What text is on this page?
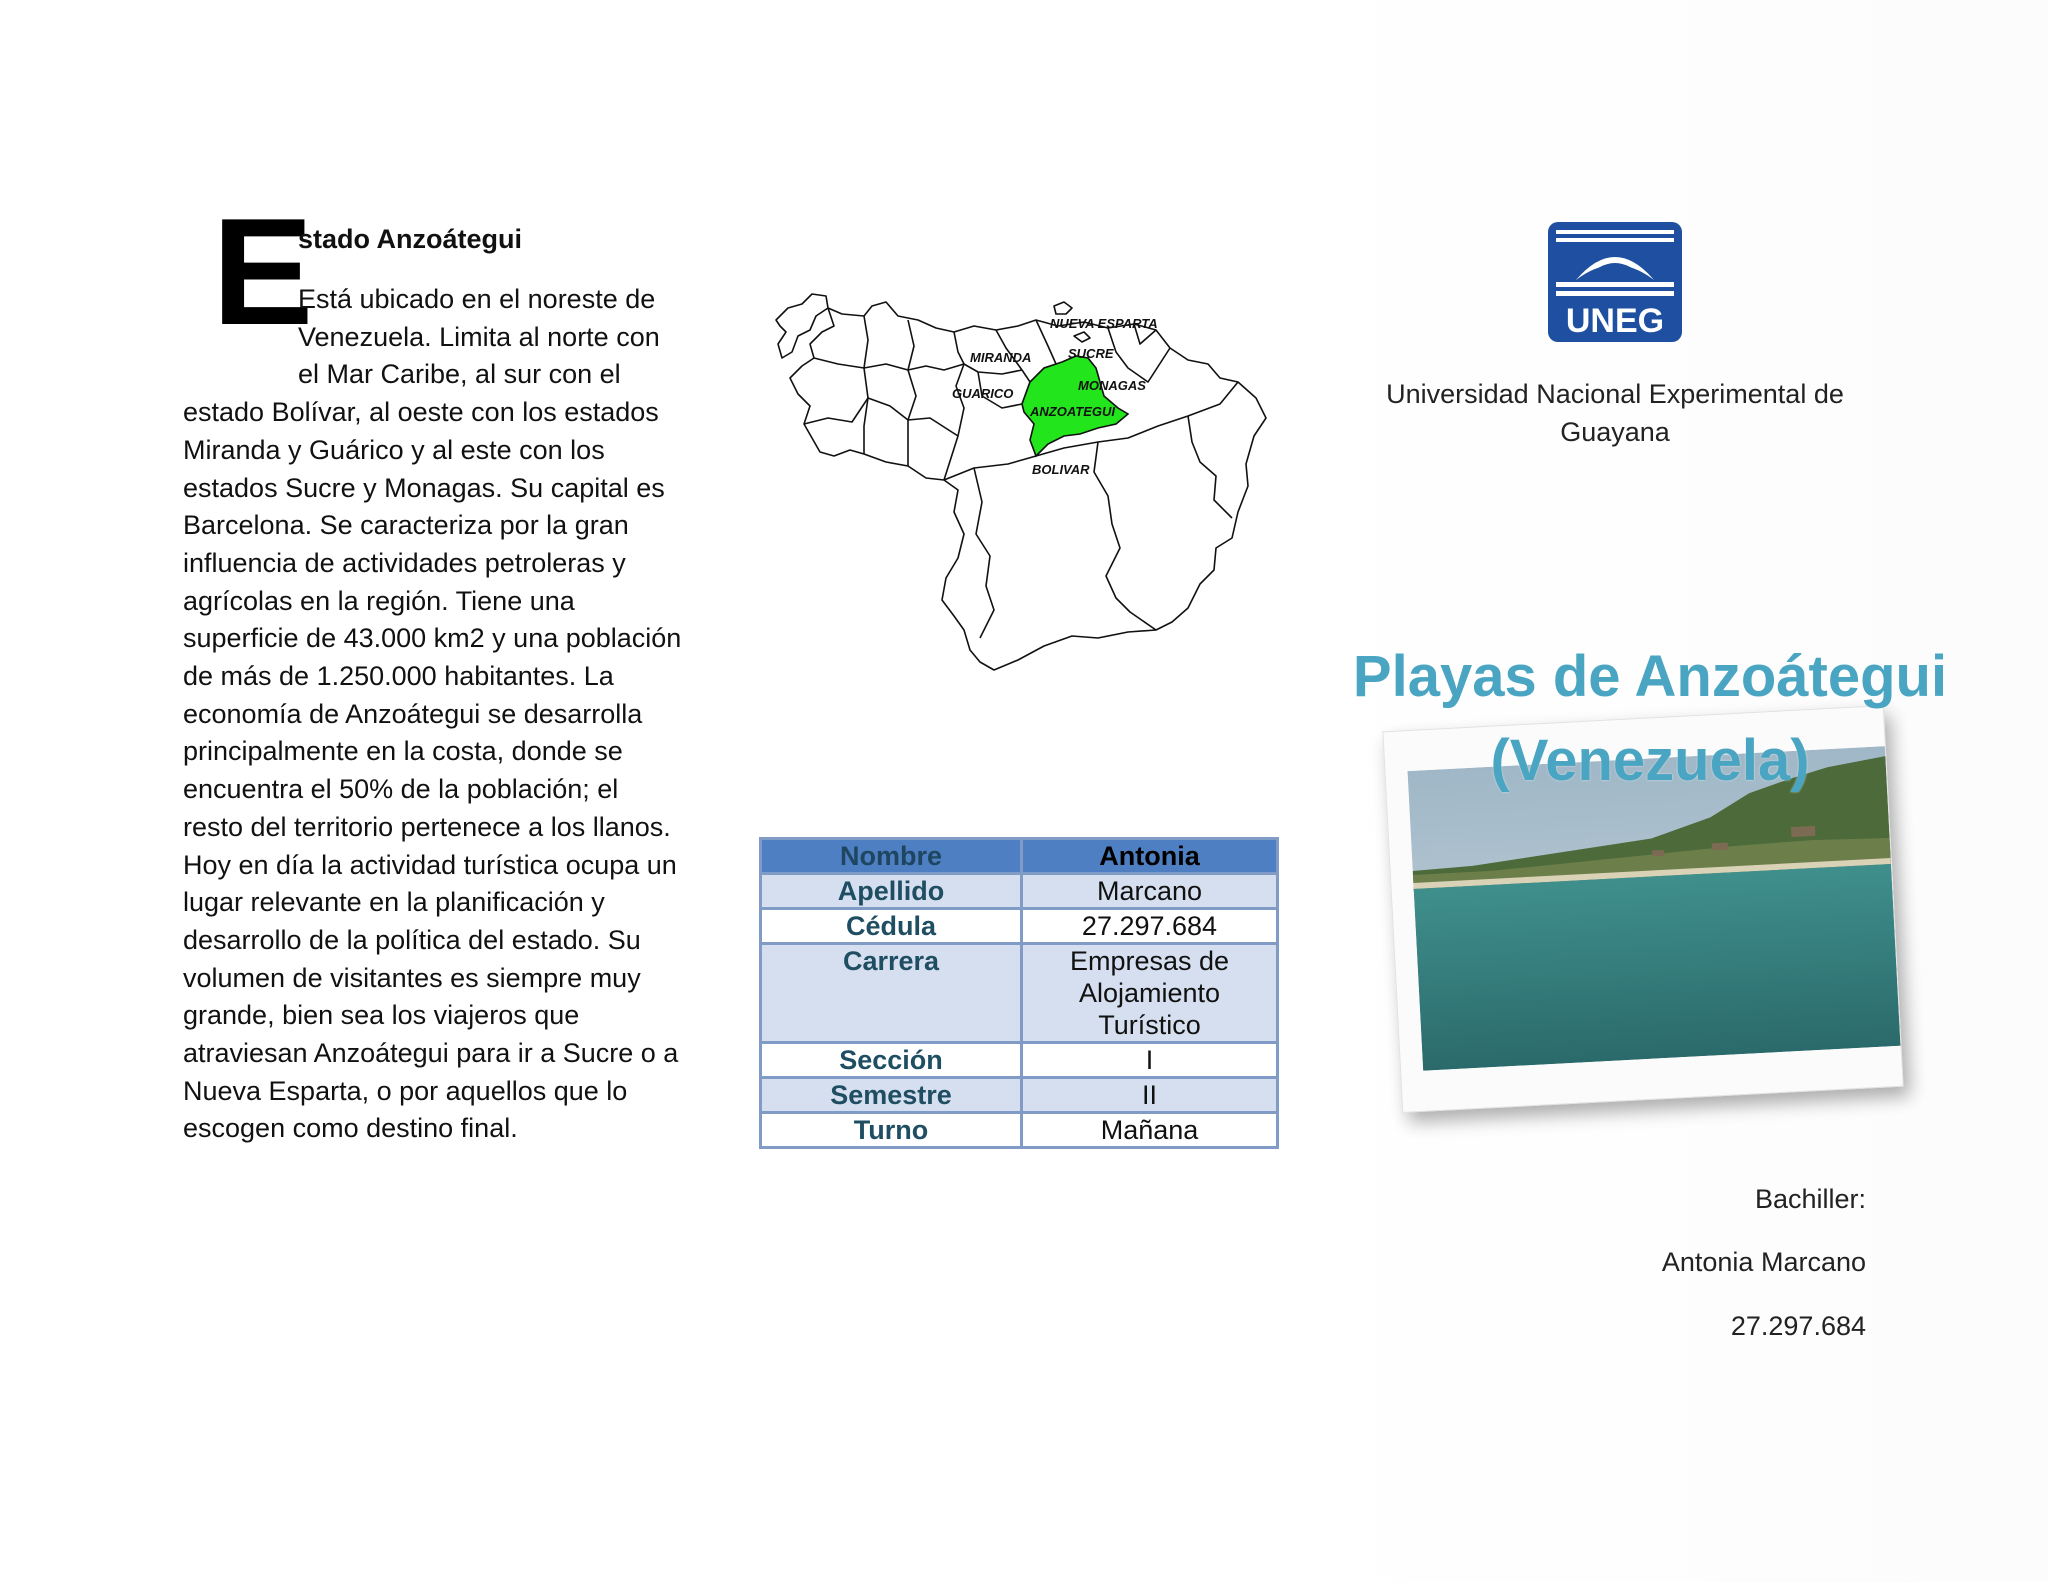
E
stado Anzoátegui
Está ubicado en el noreste de Venezuela. Limita al norte con el Mar Caribe, al sur con el estado Bolívar, al oeste con los estados Miranda y Guárico y al este con los estados Sucre y Monagas. Su capital es Barcelona. Se caracteriza por la gran influencia de actividades petroleras y agrícolas en la región. Tiene una superficie de 43.000 km2 y una población de más de 1.250.000 habitantes. La economía de Anzoátegui se desarrolla principalmente en la costa, donde se encuentra el 50% de la población; el resto del territorio pertenece a los llanos. Hoy en día la actividad turística ocupa un lugar relevante en la planificación y desarrollo de la política del estado. Su volumen de visitantes es siempre muy grande, bien sea los viajeros que atraviesan Anzoátegui para ir a Sucre o a Nueva Esparta, o por aquellos que lo escogen como destino final.
NUEVA ESPARTA
SUCRE
MIRANDA
MONAGAS
GUARICO
ANZOATEGUI
BOLIVAR
Nombre	Antonia
Apellido	Marcano
Cédula	27.297.684
Carrera	Empresas de Alojamiento Turístico
Sección	I
Semestre	II
Turno	Mañana
UNEG
Universidad Nacional Experimental de Guayana
Playas de Anzoátegui (Venezuela)
Bachiller:
Antonia Marcano
27.297.684
